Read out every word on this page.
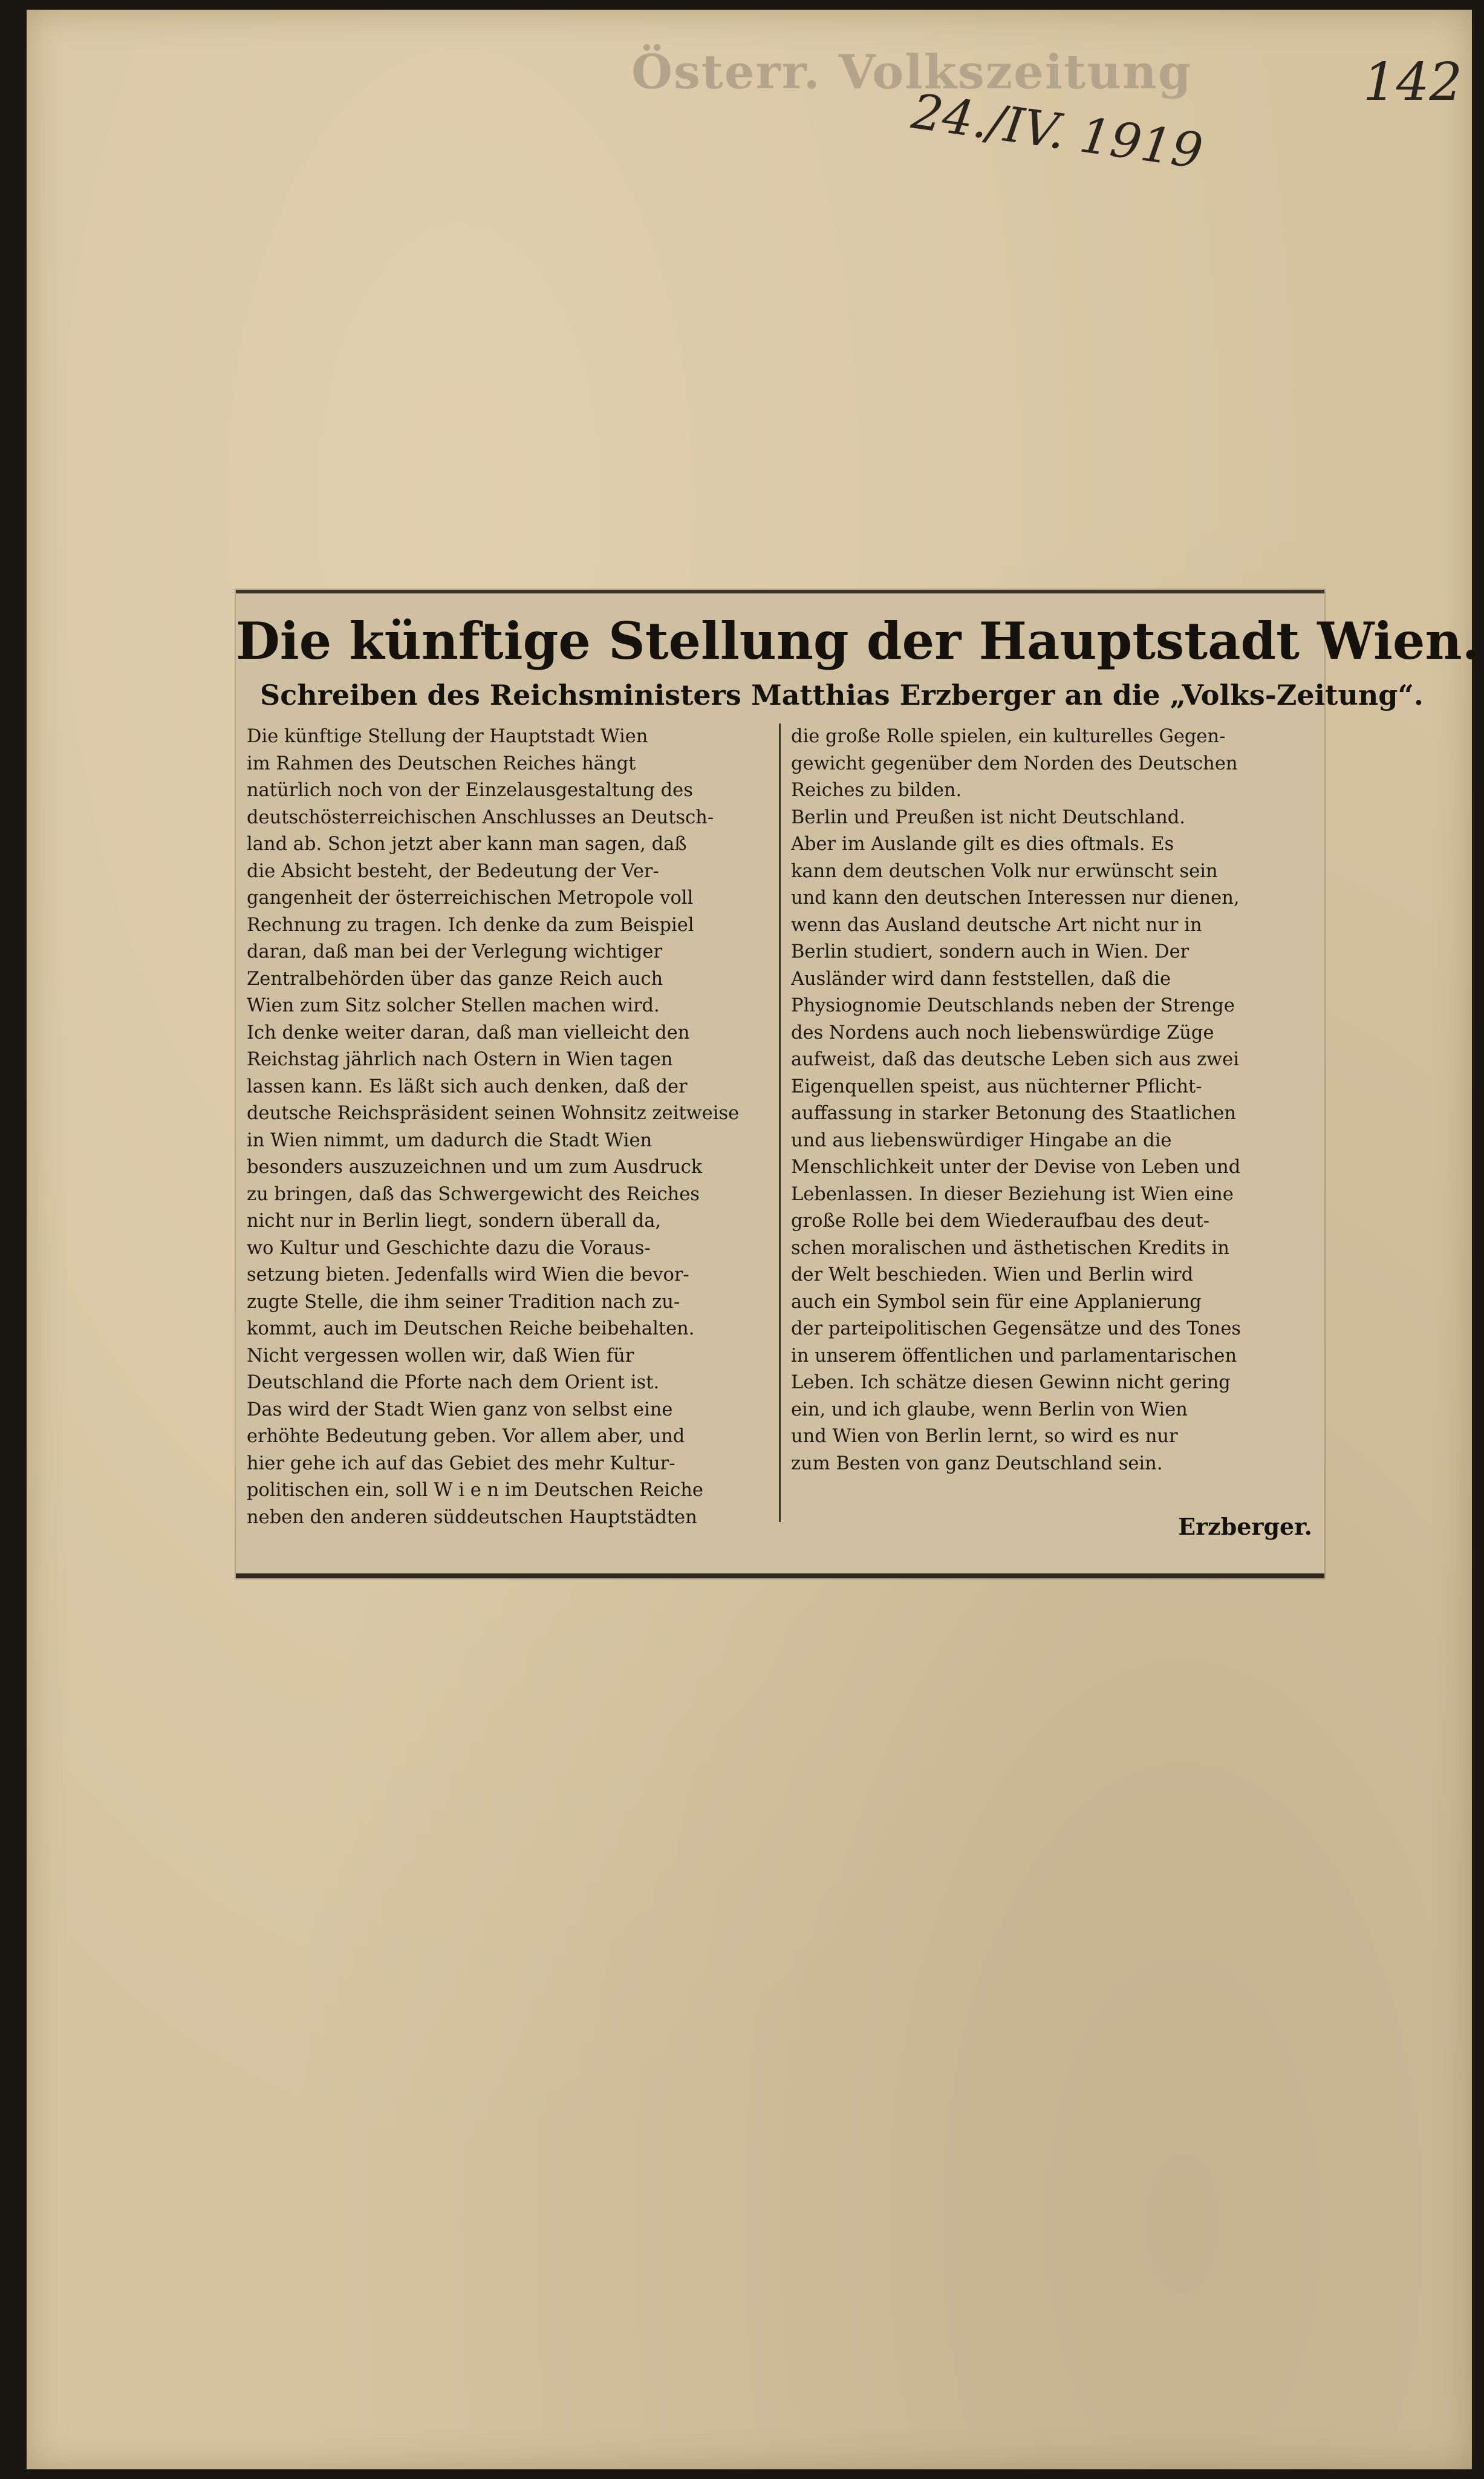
Österr. Volkszeitung
24./IV. 1919
142
Die künftige Stellung der Hauptstadt Wien.
Schreiben des Reichsministers Matthias Erzberger an die „Volks-Zeitung“.
Die künftige Stellung der Hauptstadt Wien
im Rahmen des Deutschen Reiches hängt
natürlich noch von der Einzelausgestaltung des
deutschösterreichischen Anschlusses an Deutsch-
land ab. Schon jetzt aber kann man sagen, daß
die Absicht besteht, der Bedeutung der Ver-
gangenheit der österreichischen Metropole voll
Rechnung zu tragen. Ich denke da zum Beispiel
daran, daß man bei der Verlegung wichtiger
Zentralbehörden über das ganze Reich auch
Wien zum Sitz solcher Stellen machen wird.
Ich denke weiter daran, daß man vielleicht den
Reichstag jährlich nach Ostern in Wien tagen
lassen kann. Es läßt sich auch denken, daß der
deutsche Reichspräsident seinen Wohnsitz zeitweise
in Wien nimmt, um dadurch die Stadt Wien
besonders auszuzeichnen und um zum Ausdruck
zu bringen, daß das Schwergewicht des Reiches
nicht nur in Berlin liegt, sondern überall da,
wo Kultur und Geschichte dazu die Voraus-
setzung bieten. Jedenfalls wird Wien die bevor-
zugte Stelle, die ihm seiner Tradition nach zu-
kommt, auch im Deutschen Reiche beibehalten.
Nicht vergessen wollen wir, daß Wien für
Deutschland die Pforte nach dem Orient ist.
Das wird der Stadt Wien ganz von selbst eine
erhöhte Bedeutung geben. Vor allem aber, und
hier gehe ich auf das Gebiet des mehr Kultur-
politischen ein, soll W i e n im Deutschen Reiche
neben den anderen süddeutschen Hauptstädten
die große Rolle spielen, ein kulturelles Gegen-
gewicht gegenüber dem Norden des Deutschen
Reiches zu bilden.
Berlin und Preußen ist nicht Deutschland.
Aber im Auslande gilt es dies oftmals. Es
kann dem deutschen Volk nur erwünscht sein
und kann den deutschen Interessen nur dienen,
wenn das Ausland deutsche Art nicht nur in
Berlin studiert, sondern auch in Wien. Der
Ausländer wird dann feststellen, daß die
Physiognomie Deutschlands neben der Strenge
des Nordens auch noch liebenswürdige Züge
aufweist, daß das deutsche Leben sich aus zwei
Eigenquellen speist, aus nüchterner Pflicht-
auffassung in starker Betonung des Staatlichen
und aus liebenswürdiger Hingabe an die
Menschlichkeit unter der Devise von Leben und
Lebenlassen. In dieser Beziehung ist Wien eine
große Rolle bei dem Wiederaufbau des deut-
schen moralischen und ästhetischen Kredits in
der Welt beschieden. Wien und Berlin wird
auch ein Symbol sein für eine Applanierung
der parteipolitischen Gegensätze und des Tones
in unserem öffentlichen und parlamentarischen
Leben. Ich schätze diesen Gewinn nicht gering
ein, und ich glaube, wenn Berlin von Wien
und Wien von Berlin lernt, so wird es nur
zum Besten von ganz Deutschland sein.
Erzberger.
